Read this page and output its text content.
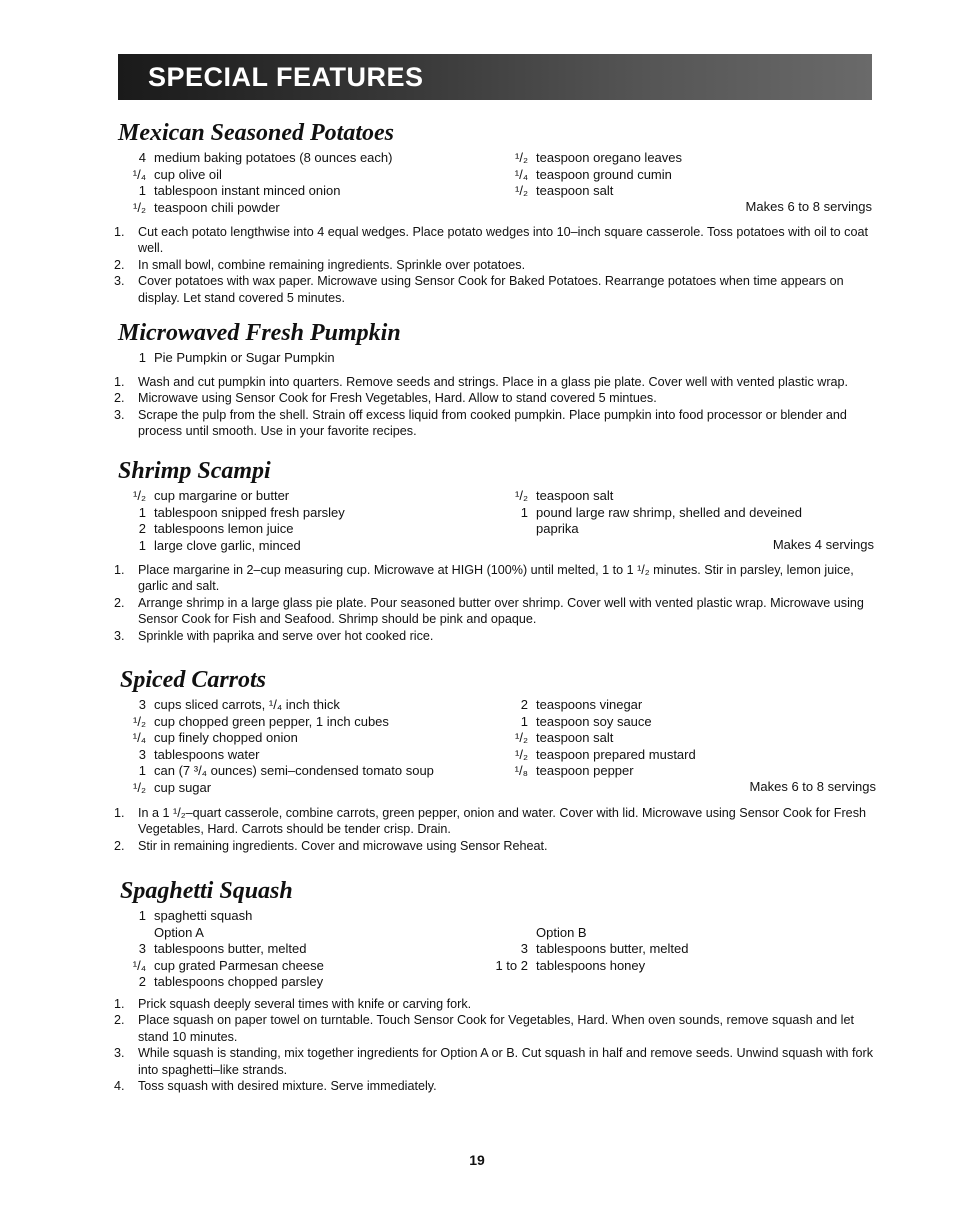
SPECIAL FEATURES
Mexican Seasoned Potatoes
4 medium baking potatoes (8 ounces each)
¹/₄ cup olive oil
1 tablespoon instant minced onion
¹/₂ teaspoon chili powder
¹/₂ teaspoon oregano leaves
¹/₄ teaspoon ground cumin
¹/₂ teaspoon salt
Makes 6 to 8 servings
1. Cut each potato lengthwise into 4 equal wedges. Place potato wedges into 10–inch square casserole. Toss potatoes with oil to coat well.
2. In small bowl, combine remaining ingredients. Sprinkle over potatoes.
3. Cover potatoes with wax paper. Microwave using Sensor Cook for Baked Potatoes. Rearrange potatoes when time appears on display. Let stand covered 5 minutes.
Microwaved Fresh Pumpkin
1 Pie Pumpkin or Sugar Pumpkin
1. Wash and cut pumpkin into quarters. Remove seeds and strings. Place in a glass pie plate. Cover well with vented plastic wrap.
2. Microwave using Sensor Cook for Fresh Vegetables, Hard. Allow to stand covered 5 mintues.
3. Scrape the pulp from the shell. Strain off excess liquid from cooked pumpkin. Place pumpkin into food processor or blender and process until smooth. Use in your favorite recipes.
Shrimp Scampi
¹/₂ cup margarine or butter
1 tablespoon snipped fresh parsley
2 tablespoons lemon juice
1 large clove garlic, minced
¹/₂ teaspoon salt
1 pound large raw shrimp, shelled and deveined
paprika
Makes 4 servings
1. Place margarine in 2–cup measuring cup. Microwave at HIGH (100%) until melted, 1 to 1 ¹/₂ minutes. Stir in parsley, lemon juice, garlic and salt.
2. Arrange shrimp in a large glass pie plate. Pour seasoned butter over shrimp. Cover well with vented plastic wrap. Microwave using Sensor Cook for Fish and Seafood. Shrimp should be pink and opaque.
3. Sprinkle with paprika and serve over hot cooked rice.
Spiced Carrots
3 cups sliced carrots, ¹/₄ inch thick
¹/₂ cup chopped green pepper, 1 inch cubes
¹/₄ cup finely chopped onion
3 tablespoons water
1 can (7 ³/₄ ounces) semi–condensed tomato soup
¹/₂ cup sugar
2 teaspoons vinegar
1 teaspoon soy sauce
¹/₂ teaspoon salt
¹/₂ teaspoon prepared mustard
¹/₈ teaspoon pepper
Makes 6 to 8 servings
1. In a 1 ¹/₂–quart casserole, combine carrots, green pepper, onion and water. Cover with lid. Microwave using Sensor Cook for Fresh Vegetables, Hard. Carrots should be tender crisp. Drain.
2. Stir in remaining ingredients. Cover and microwave using Sensor Reheat.
Spaghetti Squash
1 spaghetti squash
Option A
3 tablespoons butter, melted
¹/₄ cup grated Parmesan cheese
2 tablespoons chopped parsley
Option B
3 tablespoons butter, melted
1 to 2 tablespoons honey
1. Prick squash deeply several times with knife or carving fork.
2. Place squash on paper towel on turntable. Touch Sensor Cook for Vegetables, Hard. When oven sounds, remove squash and let stand 10 minutes.
3. While squash is standing, mix together ingredients for Option A or B. Cut squash in half and remove seeds. Unwind squash with fork into spaghetti–like strands.
4. Toss squash with desired mixture. Serve immediately.
19
